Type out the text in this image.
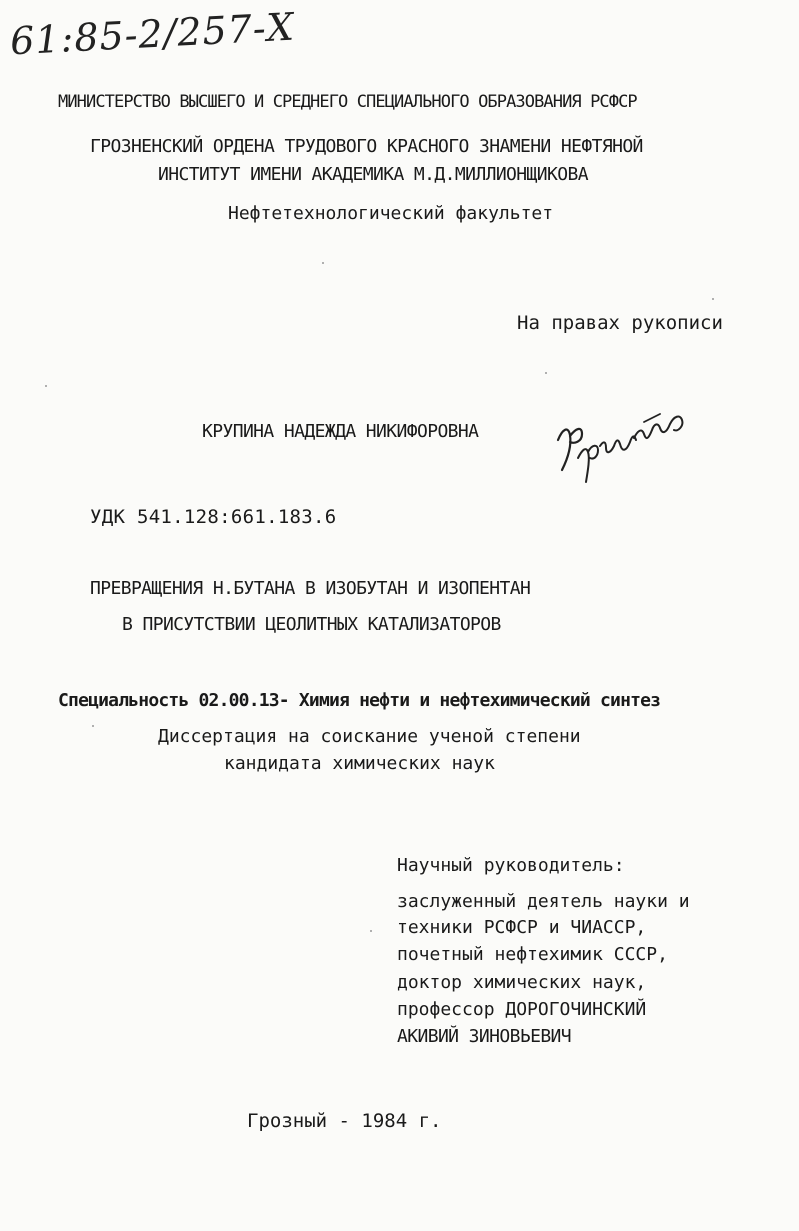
61:85-2/257-Х
МИНИСТЕРСТВО ВЫСШЕГО И СРЕДНЕГО СПЕЦИАЛЬНОГО ОБРАЗОВАНИЯ РСФСР
ГРОЗНЕНСКИЙ ОРДЕНА ТРУДОВОГО КРАСНОГО ЗНАМЕНИ НЕФТЯНОЙ
ИНСТИТУТ ИМЕНИ АКАДЕМИКА М.Д.МИЛЛИОНЩИКОВА
Нефтетехнологический факультет
На правах рукописи
КРУПИНА НАДЕЖДА НИКИФОРОВНА
УДК 541.128:661.183.6
ПРЕВРАЩЕНИЯ Н.БУТАНА В ИЗОБУТАН И ИЗОПЕНТАН
В ПРИСУТСТВИИ ЦЕОЛИТНЫХ КАТАЛИЗАТОРОВ
Специальность 02.00.13- Химия нефти и нефтехимический синтез
Диссертация на соискание ученой степени
кандидата химических наук
Научный руководитель:
заслуженный деятель науки и
техники РСФСР и ЧИАССР,
почетный нефтехимик СССР,
доктор химических наук,
профессор ДОРОГОЧИНСКИЙ
АКИВИЙ ЗИНОВЬЕВИЧ
Грозный - 1984 г.
